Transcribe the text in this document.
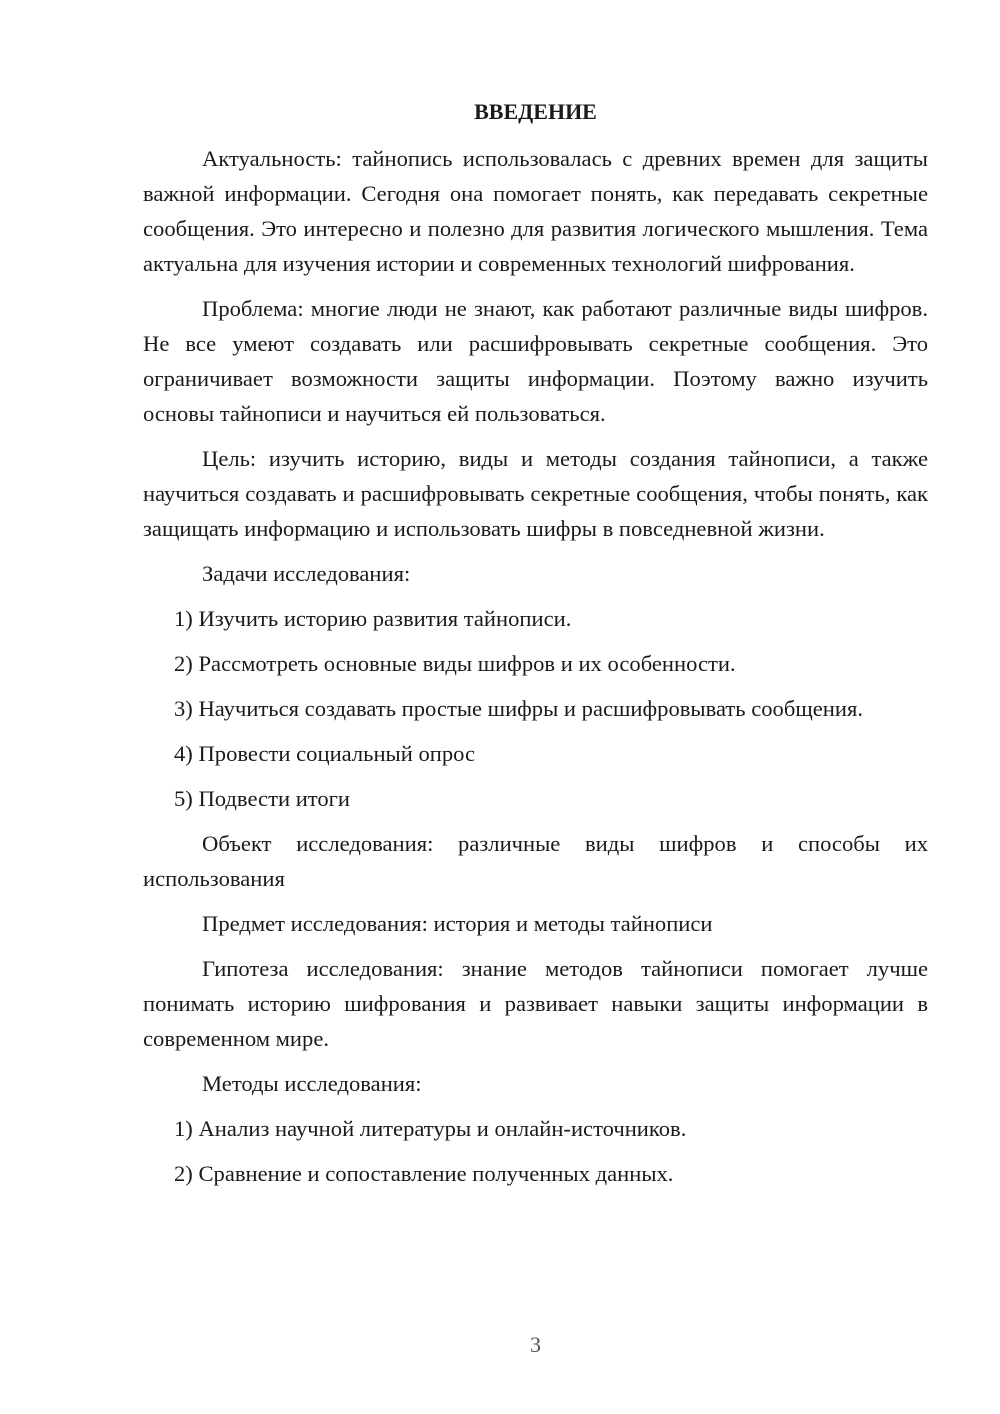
ВВЕДЕНИЕ

Актуальность: тайнопись использовалась с древних времен для защиты важной информации. Сегодня она помогает понять, как передавать секретные сообщения. Это интересно и полезно для развития логического мышления. Тема актуальна для изучения истории и современных технологий шифрования.

Проблема: многие люди не знают, как работают различные виды шифров. Не все умеют создавать или расшифровывать секретные сообщения. Это ограничивает возможности защиты информации. Поэтому важно изучить основы тайнописи и научиться ей пользоваться.

Цель: изучить историю, виды и методы создания тайнописи, а также научиться создавать и расшифровывать секретные сообщения, чтобы понять, как защищать информацию и использовать шифры в повседневной жизни.

Задачи исследования:

1) Изучить историю развития тайнописи.

2) Рассмотреть основные виды шифров и их особенности.

3) Научиться создавать простые шифры и расшифровывать сообщения.

4) Провести социальный опрос

5) Подвести итоги

Объект исследования: различные виды шифров и способы их использования

Предмет исследования: история и методы тайнописи

Гипотеза исследования: знание методов тайнописи помогает лучше понимать историю шифрования и развивает навыки защиты информации в современном мире.

Методы исследования:

1) Анализ научной литературы и онлайн-источников.

2) Сравнение и сопоставление полученных данных.

3
